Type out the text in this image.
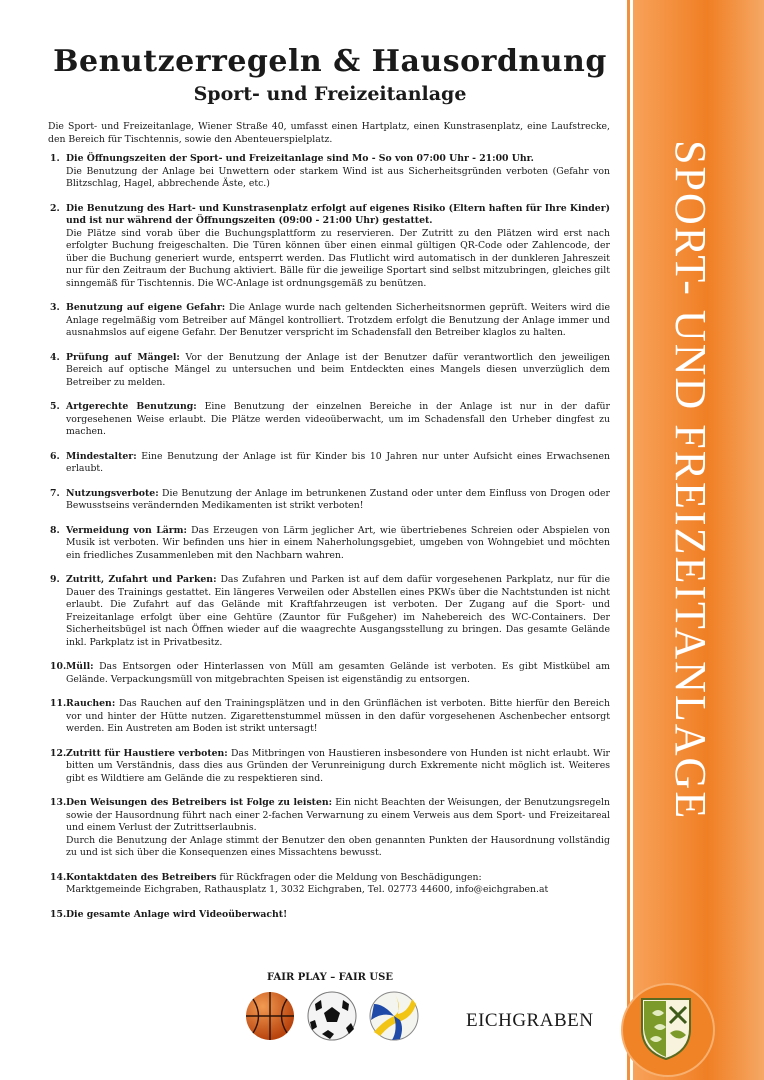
SPORT- UND FREIZEITANLAGE
Benutzerregeln & Hausordnung
Sport- und Freizeitanlage

Die Sport- und Freizeitanlage, Wiener Straße 40, umfasst einen Hartplatz, einen Kunstrasenplatz, eine Laufstrecke, den Bereich für Tischtennis, sowie den Abenteuerspielplatz.

1. Die Öffnungszeiten der Sport- und Freizeitanlage sind Mo - So von 07:00 Uhr - 21:00 Uhr.
Die Benutzung der Anlage bei Unwettern oder starkem Wind ist aus Sicherheitsgründen verboten (Gefahr von Blitzschlag, Hagel, abbrechende Äste, etc.)
2. Die Benutzung des Hart- und Kunstrasenplatz erfolgt auf eigenes Risiko (Eltern haften für Ihre Kinder) und ist nur während der Öffnungszeiten (09:00 - 21:00 Uhr) gestattet.
Die Plätze sind vorab über die Buchungsplattform zu reservieren. Der Zutritt zu den Plätzen wird erst nach erfolgter Buchung freigeschalten. Die Türen können über einen einmal gültigen QR-Code oder Zahlencode, der über die Buchung generiert wurde, entsperrt werden. Das Flutlicht wird automatisch in der dunkleren Jahreszeit nur für den Zeitraum der Buchung aktiviert. Bälle für die jeweilige Sportart sind selbst mitzubringen, gleiches gilt sinngemäß für Tischtennis. Die WC-Anlage ist ordnungsgemäß zu benützen.
3. Benutzung auf eigene Gefahr: Die Anlage wurde nach geltenden Sicherheitsnormen geprüft. Weiters wird die Anlage regelmäßig vom Betreiber auf Mängel kontrolliert. Trotzdem erfolgt die Benutzung der Anlage immer und ausnahmslos auf eigene Gefahr. Der Benutzer verspricht im Schadensfall den Betreiber klaglos zu halten.
4. Prüfung auf Mängel: Vor der Benutzung der Anlage ist der Benutzer dafür verantwortlich den jeweiligen Bereich auf optische Mängel zu untersuchen und beim Entdeckten eines Mangels diesen unverzüglich dem Betreiber zu melden.
5. Artgerechte Benutzung: Eine Benutzung der einzelnen Bereiche in der Anlage ist nur in der dafür vorgesehenen Weise erlaubt. Die Plätze werden videoüberwacht, um im Schadensfall den Urheber dingfest zu machen.
6. Mindestalter: Eine Benutzung der Anlage ist für Kinder bis 10 Jahren nur unter Aufsicht eines Erwachsenen erlaubt.
7. Nutzungsverbote: Die Benutzung der Anlage im betrunkenen Zustand oder unter dem Einfluss von Drogen oder Bewusstseins verändernden Medikamenten ist strikt verboten!
8. Vermeidung von Lärm: Das Erzeugen von Lärm jeglicher Art, wie übertriebenes Schreien oder Abspielen von Musik ist verboten. Wir befinden uns hier in einem Naherholungsgebiet, umgeben von Wohngebiet und möchten ein friedliches Zusammenleben mit den Nachbarn wahren.
9. Zutritt, Zufahrt und Parken: Das Zufahren und Parken ist auf dem dafür vorgesehenen Parkplatz, nur für die Dauer des Trainings gestattet. Ein längeres Verweilen oder Abstellen eines PKWs über die Nachtstunden ist nicht erlaubt. Die Zufahrt auf das Gelände mit Kraftfahrzeugen ist verboten. Der Zugang auf die Sport- und Freizeitanlage erfolgt über eine Gehtüre (Zauntor für Fußgeher) im Nahebereich des WC-Containers. Der Sicherheitsbügel ist nach Öffnen wieder auf die waagrechte Ausgangsstellung zu bringen. Das gesamte Gelände inkl. Parkplatz ist in Privatbesitz.
10. Müll: Das Entsorgen oder Hinterlassen von Müll am gesamten Gelände ist verboten. Es gibt Mistkübel am Gelände. Verpackungsmüll von mitgebrachten Speisen ist eigenständig zu entsorgen.
11. Rauchen: Das Rauchen auf den Trainingsplätzen und in den Grünflächen ist verboten. Bitte hierfür den Bereich vor und hinter der Hütte nutzen. Zigarettenstummel müssen in den dafür vorgesehenen Aschenbecher entsorgt werden. Ein Austreten am Boden ist strikt untersagt!
12. Zutritt für Haustiere verboten: Das Mitbringen von Haustieren insbesondere von Hunden ist nicht erlaubt. Wir bitten um Verständnis, dass dies aus Gründen der Verunreinigung durch Exkremente nicht möglich ist. Weiteres gibt es Wildtiere am Gelände die zu respektieren sind.
13. Den Weisungen des Betreibers ist Folge zu leisten: Ein nicht Beachten der Weisungen, der Benutzungsregeln sowie der Hausordnung führt nach einer 2-fachen Verwarnung zu einem Verweis aus dem Sport- und Freizeitareal und einem Verlust der Zutrittserlaubnis.
Durch die Benutzung der Anlage stimmt der Benutzer den oben genannten Punkten der Hausordnung vollständig zu und ist sich über die Konsequenzen eines Missachtens bewusst.
14. Kontaktdaten des Betreibers für Rückfragen oder die Meldung von Beschädigungen:
Marktgemeinde Eichgraben, Rathausplatz 1, 3032 Eichgraben, Tel. 02773 44600, info@eichgraben.at
15. Die gesamte Anlage wird Videoüberwacht!
FAIR PLAY – FAIR USE
EICHGRABEN
